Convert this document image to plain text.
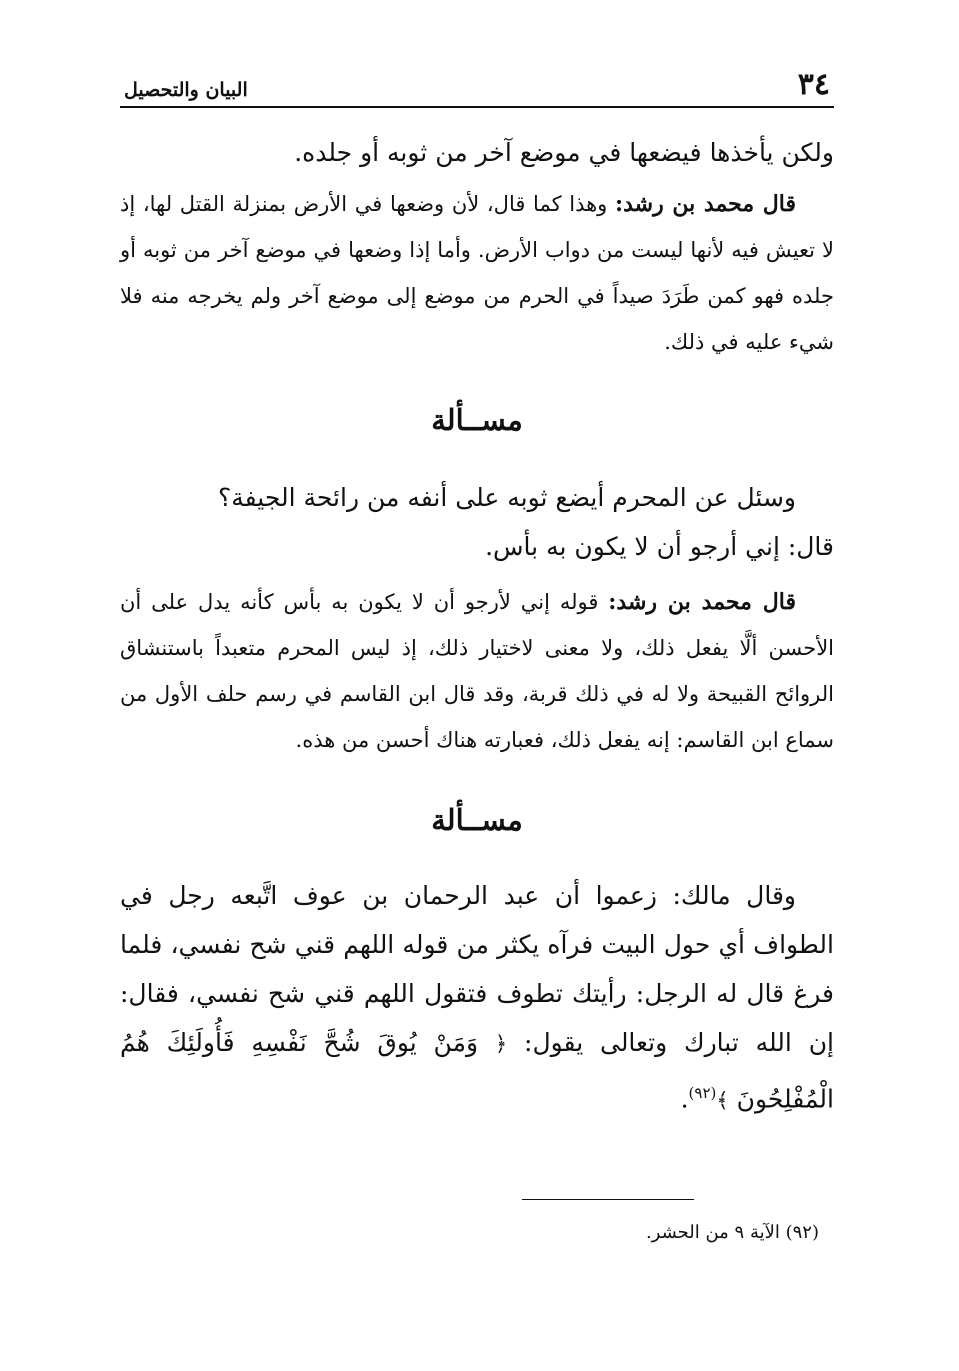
٣٤
البيان والتحصيل

ولكن يأخذها فيضعها في موضع آخر من ثوبه أو جلده.

قال محمد بن رشد: وهذا كما قال، لأن وضعها في الأرض بمنزلة القتل لها، إذ لا تعيش فيه لأنها ليست من دواب الأرض. وأما إذا وضعها في موضع آخر من ثوبه أو جلده فهو كمن طَرَدَ صيداً في الحرم من موضع إلى موضع آخر ولم يخرجه منه فلا شيء عليه في ذلك.

مســألة

وسئل عن المحرم أيضع ثوبه على أنفه من رائحة الجيفة؟

قال: إني أرجو أن لا يكون به بأس.

قال محمد بن رشد: قوله إني لأرجو أن لا يكون به بأس كأنه يدل على أن الأحسن ألَّا يفعل ذلك، ولا معنى لاختيار ذلك، إذ ليس المحرم متعبداً باستنشاق الروائح القبيحة ولا له في ذلك قربة، وقد قال ابن القاسم في رسم حلف الأول من سماع ابن القاسم: إنه يفعل ذلك، فعبارته هناك أحسن من هذه.

مســألة

وقال مالك: زعموا أن عبد الرحمان بن عوف اتَّبعه رجل في الطواف أي حول البيت فرآه يكثر من قوله اللهم قني شح نفسي، فلما فرغ قال له الرجل: رأيتك تطوف فتقول اللهم قني شح نفسي، فقال: إن الله تبارك وتعالى يقول: ﴿ وَمَنْ يُوقَ شُحَّ نَفْسِهِ فَأُولَئِكَ هُمُ الْمُفْلِحُونَ ﴾$^{(٩٢)}$.

(٩٢) الآية ٩ من الحشر.
